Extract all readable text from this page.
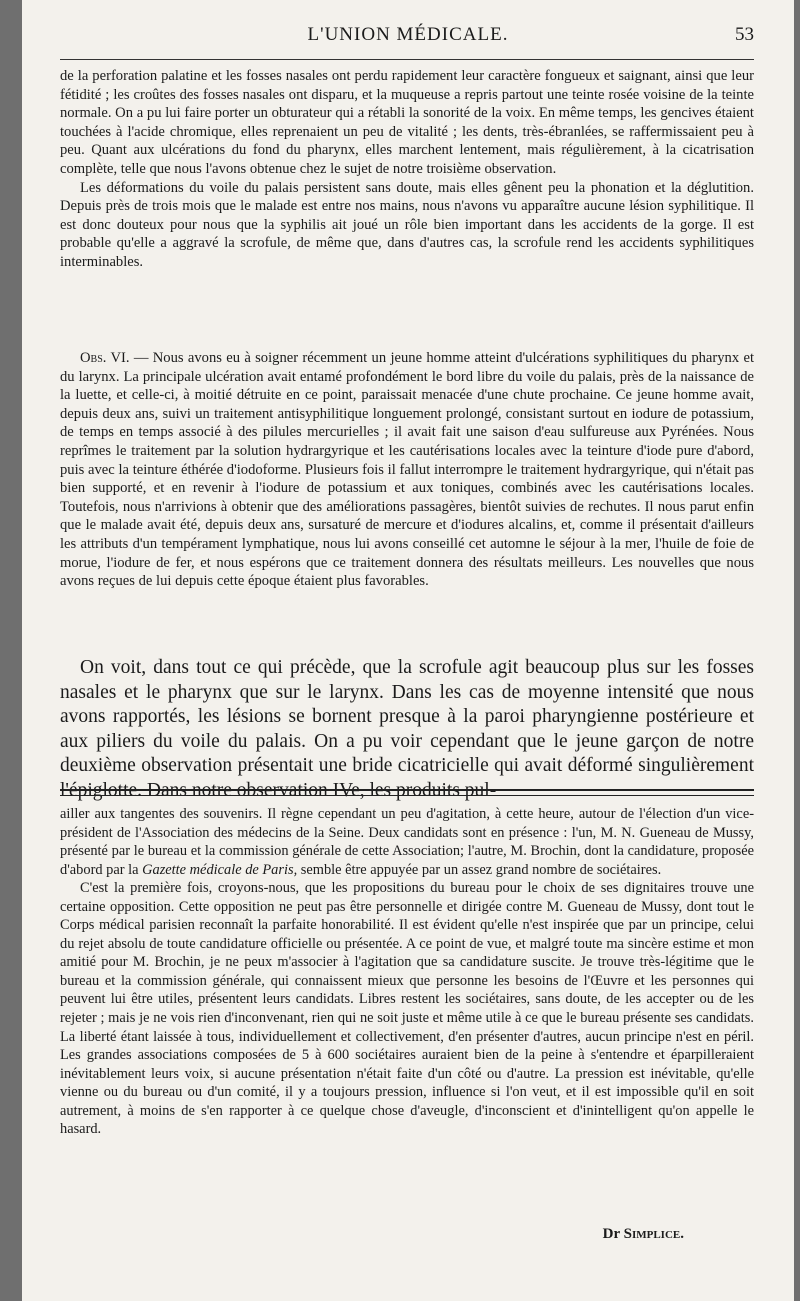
L'UNION MÉDICALE.	53

de la perforation palatine et les fosses nasales ont perdu rapidement leur caractère fongueux et saignant, ainsi que leur fétidité ; les croûtes des fosses nasales ont disparu, et la muqueuse a repris partout une teinte rosée voisine de la teinte normale. On a pu lui faire porter un obturateur qui a rétabli la sonorité de la voix. En même temps, les gencives étaient touchées à l'acide chromique, elles reprenaient un peu de vitalité ; les dents, très-ébranlées, se raffermissaient peu à peu. Quant aux ulcérations du fond du pharynx, elles marchent lentement, mais régulièrement, à la cicatrisation complète, telle que nous l'avons obtenue chez le sujet de notre troisième observation.

Les déformations du voile du palais persistent sans doute, mais elles gênent peu la phonation et la déglutition. Depuis près de trois mois que le malade est entre nos mains, nous n'avons vu apparaître aucune lésion syphilitique. Il est donc douteux pour nous que la syphilis ait joué un rôle bien important dans les accidents de la gorge. Il est probable qu'elle a aggravé la scrofule, de même que, dans d'autres cas, la scrofule rend les accidents syphilitiques interminables.

Obs. VI. — Nous avons eu à soigner récemment un jeune homme atteint d'ulcérations syphilitiques du pharynx et du larynx. La principale ulcération avait entamé profondément le bord libre du voile du palais, près de la naissance de la luette, et celle-ci, à moitié détruite en ce point, paraissait menacée d'une chute prochaine. Ce jeune homme avait, depuis deux ans, suivi un traitement antisyphilitique longuement prolongé, consistant surtout en iodure de potassium, de temps en temps associé à des pilules mercurielles ; il avait fait une saison d'eau sulfureuse aux Pyrénées. Nous reprîmes le traitement par la solution hydrargyrique et les cautérisations locales avec la teinture d'iode pure d'abord, puis avec la teinture éthérée d'iodoforme. Plusieurs fois il fallut interrompre le traitement hydrargyrique, qui n'était pas bien supporté, et en revenir à l'iodure de potassium et aux toniques, combinés avec les cautérisations locales. Toutefois, nous n'arrivions à obtenir que des améliorations passagères, bientôt suivies de rechutes. Il nous parut enfin que le malade avait été, depuis deux ans, sursaturé de mercure et d'iodures alcalins, et, comme il présentait d'ailleurs les attributs d'un tempérament lymphatique, nous lui avons conseillé cet automne le séjour à la mer, l'huile de foie de morue, l'iodure de fer, et nous espérons que ce traitement donnera des résultats meilleurs. Les nouvelles que nous avons reçues de lui depuis cette époque étaient plus favorables.

On voit, dans tout ce qui précède, que la scrofule agit beaucoup plus sur les fosses nasales et le pharynx que sur le larynx. Dans les cas de moyenne intensité que nous avons rapportés, les lésions se bornent presque à la paroi pharyngienne postérieure et aux piliers du voile du palais. On a pu voir cependant que le jeune garçon de notre deuxième observation présentait une bride cicatricielle qui avait déformé singulièrement l'épiglotte. Dans notre observation IVe, les produits pul-

ailler aux tangentes des souvenirs. Il règne cependant un peu d'agitation, à cette heure, autour de l'élection d'un vice-président de l'Association des médecins de la Seine. Deux candidats sont en présence : l'un, M. N. Gueneau de Mussy, présenté par le bureau et la commission générale de cette Association; l'autre, M. Brochin, dont la candidature, proposée d'abord par la Gazette médicale de Paris, semble être appuyée par un assez grand nombre de sociétaires.

C'est la première fois, croyons-nous, que les propositions du bureau pour le choix de ses dignitaires trouve une certaine opposition. Cette opposition ne peut pas être personnelle et dirigée contre M. Gueneau de Mussy, dont tout le Corps médical parisien reconnaît la parfaite honorabilité. Il est évident qu'elle n'est inspirée que par un principe, celui du rejet absolu de toute candidature officielle ou présentée. A ce point de vue, et malgré toute ma sincère estime et mon amitié pour M. Brochin, je ne peux m'associer à l'agitation que sa candidature suscite. Je trouve très-légitime que le bureau et la commission générale, qui connaissent mieux que personne les besoins de l'Œuvre et les personnes qui peuvent lui être utiles, présentent leurs candidats. Libres restent les sociétaires, sans doute, de les accepter ou de les rejeter ; mais je ne vois rien d'inconvenant, rien qui ne soit juste et même utile à ce que le bureau présente ses candidats. La liberté étant laissée à tous, individuellement et collectivement, d'en présenter d'autres, aucun principe n'est en péril. Les grandes associations composées de 5 à 600 sociétaires auraient bien de la peine à s'entendre et éparpilleraient inévitablement leurs voix, si aucune présentation n'était faite d'un côté ou d'autre. La pression est inévitable, qu'elle vienne ou du bureau ou d'un comité, il y a toujours pression, influence si l'on veut, et il est impossible qu'il en soit autrement, à moins de s'en rapporter à ce quelque chose d'aveugle, d'inconscient et d'inintelligent qu'on appelle le hasard.

Dr Simplice.
